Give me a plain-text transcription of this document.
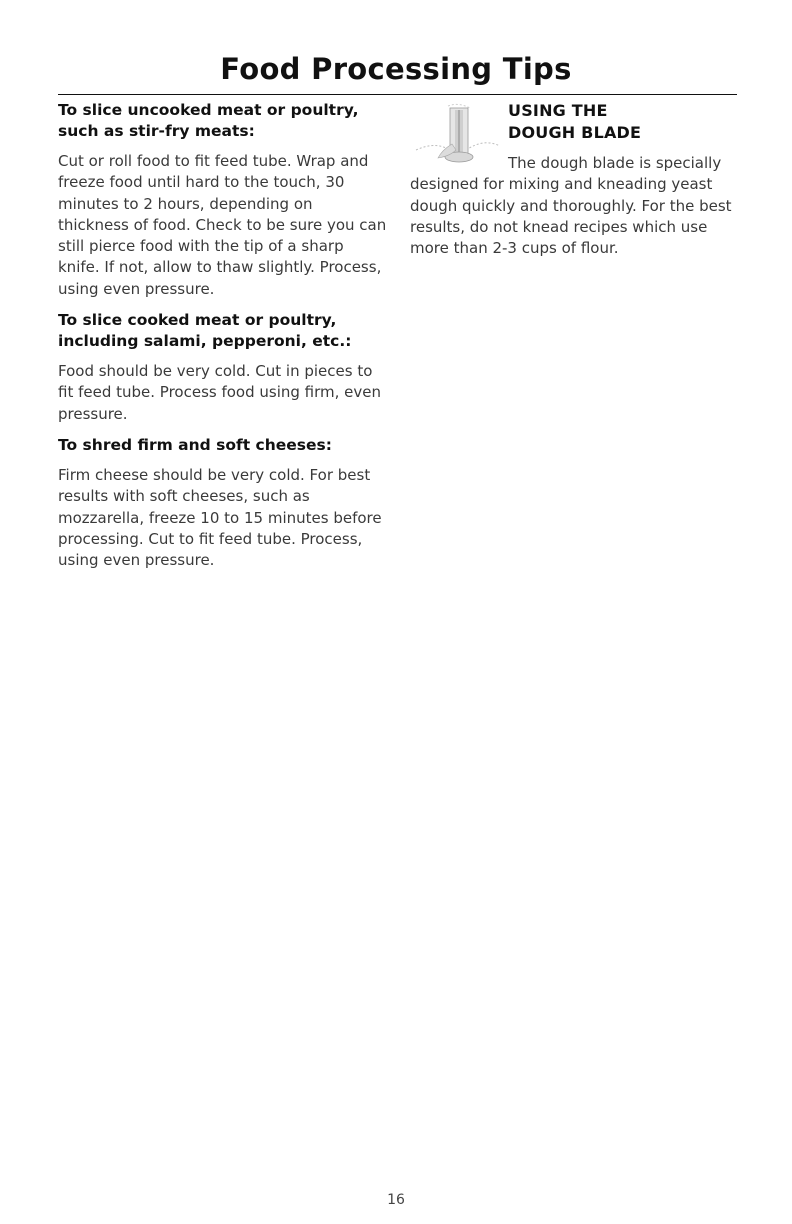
Food Processing Tips
To slice uncooked meat or poultry, such as stir-fry meats:
Cut or roll food to fit feed tube. Wrap and freeze food until hard to the touch, 30 minutes to 2 hours, depending on thickness of food. Check to be sure you can still pierce food with the tip of a sharp knife. If not, allow to thaw slightly. Process, using even pressure.
To slice cooked meat or poultry, including salami, pepperoni, etc.:
Food should be very cold. Cut in pieces to fit feed tube. Process food using firm, even pressure.
To shred firm and soft cheeses:
Firm cheese should be very cold. For best results with soft cheeses, such as mozzarella, freeze 10 to 15 minutes before processing. Cut to fit feed tube. Process, using even pressure.
USING THE
DOUGH BLADE
The dough blade is specially designed for mixing and kneading yeast dough quickly and thoroughly. For the best results, do not knead recipes which use more than 2-3 cups of flour.
16
